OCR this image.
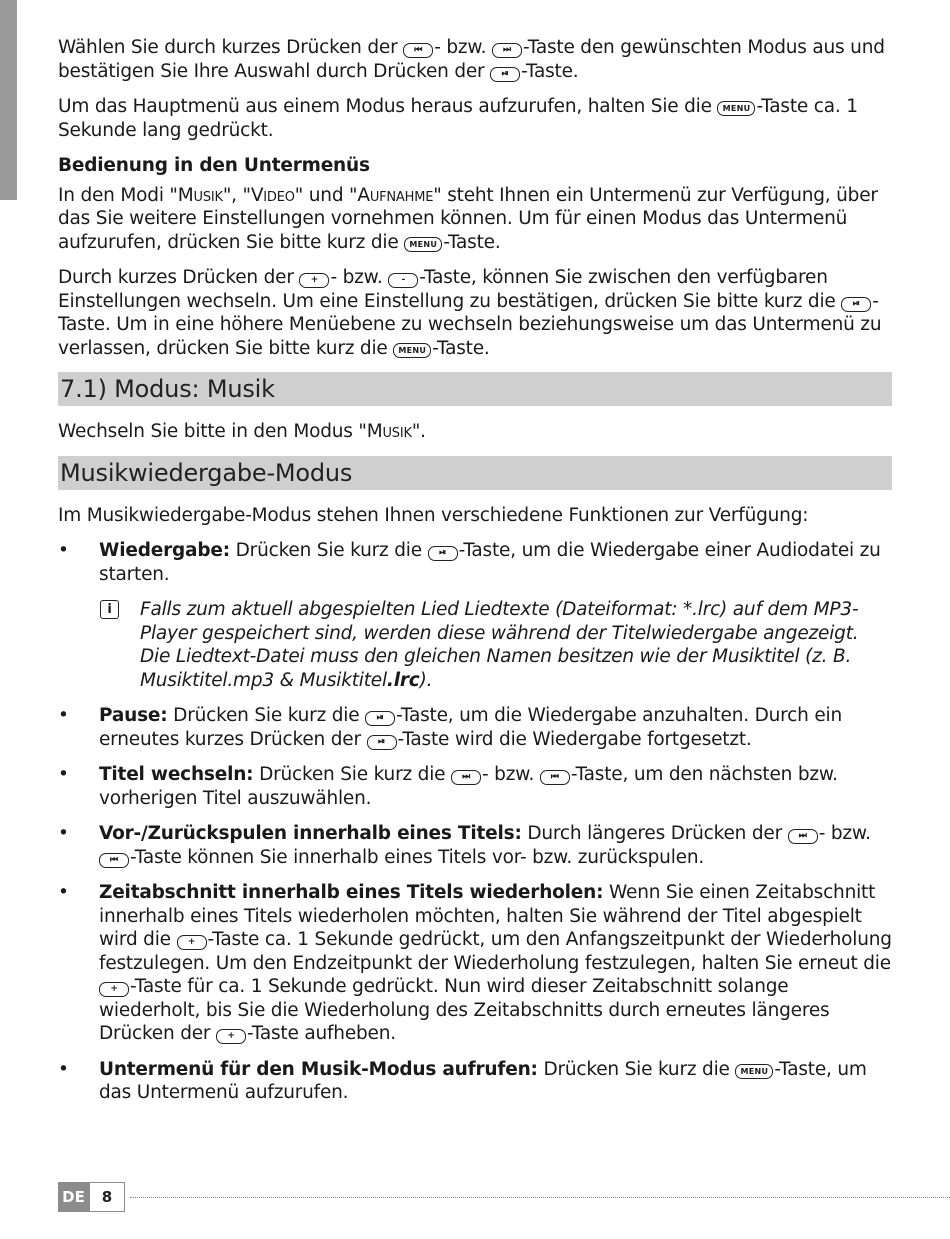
Wählen Sie durch kurzes Drücken der ⏮ - bzw. ⏭ -Taste den gewünschten Modus aus und bestätigen Sie Ihre Auswahl durch Drücken der ⏯ -Taste.

Um das Hauptmenü aus einem Modus heraus aufzurufen, halten Sie die MENU -Taste ca. 1 Sekunde lang gedrückt.

Bedienung in den Untermenüs

In den Modi "Musik", "Video" und "Aufnahme" steht Ihnen ein Untermenü zur Verfügung, über das Sie weitere Einstellungen vornehmen können. Um für einen Modus das Untermenü aufzurufen, drücken Sie bitte kurz die MENU -Taste.

Durch kurzes Drücken der + - bzw. - -Taste, können Sie zwischen den verfügbaren Einstellungen wechseln. Um eine Einstellung zu bestätigen, drücken Sie bitte kurz die ⏯ -Taste. Um in eine höhere Menüebene zu wechseln beziehungsweise um das Untermenü zu verlassen, drücken Sie bitte kurz die MENU -Taste.

7.1) Modus: Musik

Wechseln Sie bitte in den Modus "Musik".

Musikwiedergabe-Modus

Im Musikwiedergabe-Modus stehen Ihnen verschiedene Funktionen zur Verfügung:

• Wiedergabe: Drücken Sie kurz die ⏯ -Taste, um die Wiedergabe einer Audiodatei zu starten.
i	Falls zum aktuell abgespielten Lied Liedtexte (Dateiformat: *.lrc) auf dem MP3-Player gespeichert sind, werden diese während der Titelwiedergabe angezeigt. Die Liedtext-Datei muss den gleichen Namen besitzen wie der Musiktitel (z. B. Musiktitel.mp3 & Musiktitel.lrc).
• Pause: Drücken Sie kurz die ⏯ -Taste, um die Wiedergabe anzuhalten. Durch ein erneutes kurzes Drücken der ⏯ -Taste wird die Wiedergabe fortgesetzt.
• Titel wechseln: Drücken Sie kurz die ⏭ - bzw. ⏮ -Taste, um den nächsten bzw. vorherigen Titel auszuwählen.
• Vor-/Zurückspulen innerhalb eines Titels: Durch längeres Drücken der ⏭ - bzw. ⏮ -Taste können Sie innerhalb eines Titels vor- bzw. zurückspulen.
• Zeitabschnitt innerhalb eines Titels wiederholen: Wenn Sie einen Zeitabschnitt innerhalb eines Titels wiederholen möchten, halten Sie während der Titel abgespielt wird die + -Taste ca. 1 Sekunde gedrückt, um den Anfangszeitpunkt der Wiederholung festzulegen. Um den Endzeitpunkt der Wiederholung festzulegen, halten Sie erneut die + -Taste für ca. 1 Sekunde gedrückt. Nun wird dieser Zeitabschnitt solange wiederholt, bis Sie die Wiederholung des Zeitabschnitts durch erneutes längeres Drücken der + -Taste aufheben.
• Untermenü für den Musik-Modus aufrufen: Drücken Sie kurz die MENU -Taste, um das Untermenü aufzurufen.
DE	8
